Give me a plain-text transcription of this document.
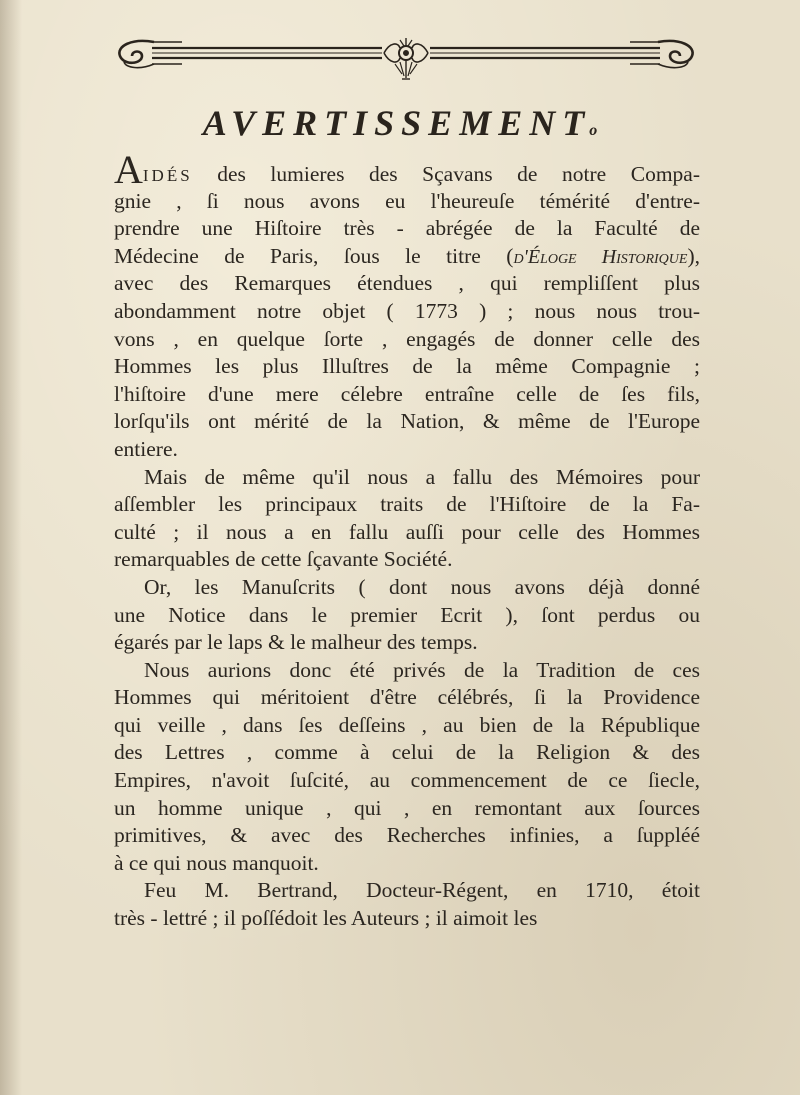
AVERTISSEMENTo
AIDÉS des lumieres des Sçavans de notre Compa-
gnie , ſi nous avons eu l'heureuſe témérité d'entre-
prendre une Hiſtoire très - abrégée de la Faculté de
Médecine de Paris, ſous le titre (d'Éloge Historique),
avec des Remarques étendues , qui rempliſſent plus
abondamment notre objet ( 1773 ) ; nous nous trou-
vons , en quelque ſorte , engagés de donner celle des
Hommes les plus Illuſtres de la même Compagnie ;
l'hiſtoire d'une mere célebre entraîne celle de ſes fils,
lorſqu'ils ont mérité de la Nation, & même de l'Europe
entiere.
Mais de même qu'il nous a fallu des Mémoires pour
aſſembler les principaux traits de l'Hiſtoire de la Fa-
culté ; il nous a en fallu auſſi pour celle des Hommes
remarquables de cette ſçavante Société.
Or, les Manuſcrits ( dont nous avons déjà donné
une Notice dans le premier Ecrit ), ſont perdus ou
égarés par le laps & le malheur des temps.
Nous aurions donc été privés de la Tradition de ces
Hommes qui méritoient d'être célébrés, ſi la Providence
qui veille , dans ſes deſſeins , au bien de la République
des Lettres , comme à celui de la Religion & des
Empires, n'avoit ſuſcité, au commencement de ce ſiecle,
un homme unique , qui , en remontant aux ſources
primitives, & avec des Recherches infinies, a ſuppléé
à ce qui nous manquoit.
Feu M. Bertrand, Docteur-Régent, en 1710, étoit
très - lettré ; il poſſédoit les Auteurs ; il aimoit les
